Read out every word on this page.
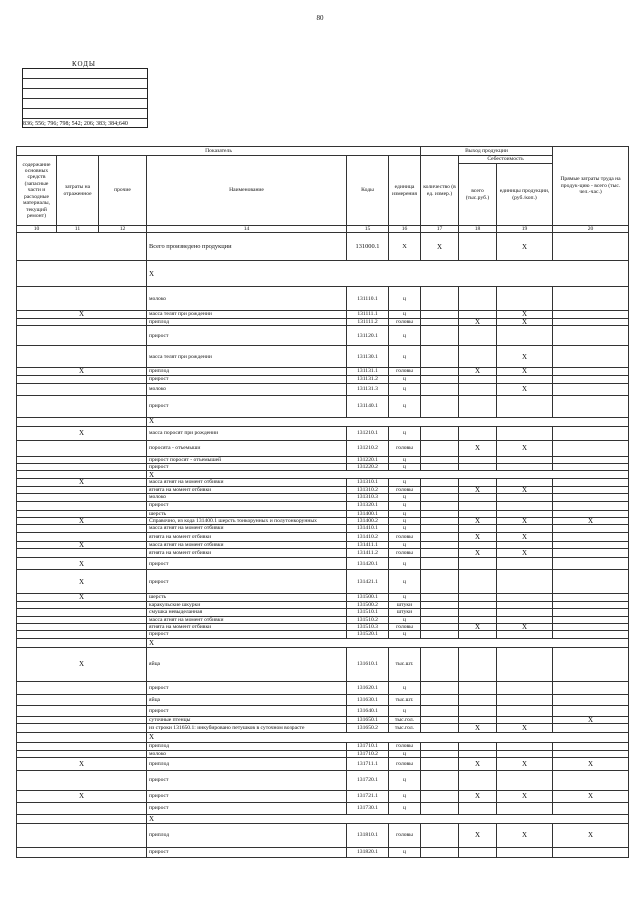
80
КОДЫ
836; 556; 796; 798; 542; 206; 383; 384;640
Показатель						Выход продукции			Прямые затраты труда на продук-цию - всего (тыс. чел.-час.)
содержание основных средств (запасные части и расходные материалы, текущий ремонт)	затраты на отраженное	прочие	Наименование	Коды	единица измерения	количество (в ед. измер.)	Себестоимость		
							всего (тыс.руб.)	единицы продукции, (руб./коп.)	
10	11	12	14	15	16	17	18	19	20
			Всего произведено продукции	131000.1	X	X		X	
			X						
			молоко	131110.1	ц				
X			масса телят при рождении	131111.1	ц			X	
			приплод	131111.2	головы		X	X	
			прирост	131120.1	ц				
			масса телят при рождении	131130.1	ц			X	
X			приплод	131131.1	головы		X	X	
			прирост	131131.2	ц				
			молоко	131131.3	ц			X	
			прирост	131140.1	ц				
			X						
X			масса поросят при рождении	131210.1	ц				
			поросята - отъемыши	131210.2	головы		X	X	
			прирост поросят - отъемышей	131220.1	ц				
			прирост	131220.2	ц				
			X						
X			масса ягнят на момент отбивки	131310.1	ц				
			ягнята на момент отбивки	131310.2	головы		X	X	
			молоко	131310.3	ц				
			прирост	131320.1	ц				
			шерсть	131400.1	ц				
X			Справочно, из кода 131400.1 шерсть тонкорунных и полутонкорунных	131400.2	ц		X	X	X
			масса ягнят на момент отбивки	131410.1	ц				
			ягнята на момент отбивки	131410.2	головы		X	X	
X			масса ягнят на момент отбивки	131411.1	ц				
			ягнята на момент отбивки	131411.2	головы		X	X	
X			прирост	131420.1	ц				
X			прирост	131421.1	ц				
X			шерсть	131500.1	ц				
			каракульские шкурки	131500.2	штуки				
			смушка невыделанная	131510.1	штуки				
			масса ягнят на момент отбивки	131510.2	ц				
			ягнята на момент отбивки	131510.3	головы		X	X	
			прирост	131520.1	ц				
			X						
X			яйца	131610.1	тыс.шт.				
			прирост	131620.1	ц				
			яйца	131630.1	тыс.шт.				
			прирост	131640.1	ц				
			суточные птенцы	131650.1	тыс.гол.				X
			из строки 131650.1: инкубировано петушков в суточном возрасте	131650.2	тыс.гол.		X	X	
			X						
			приплод	131710.1	головы				
			молоко	131710.2	ц				
X			приплод	131711.1	головы		X	X	X
			прирост	131720.1	ц				
X			прирост	131721.1	ц		X	X	X
			прирост	131730.1	ц				
			X						
			приплод	131810.1	головы		X	X	X
			прирост	131820.1	ц				
